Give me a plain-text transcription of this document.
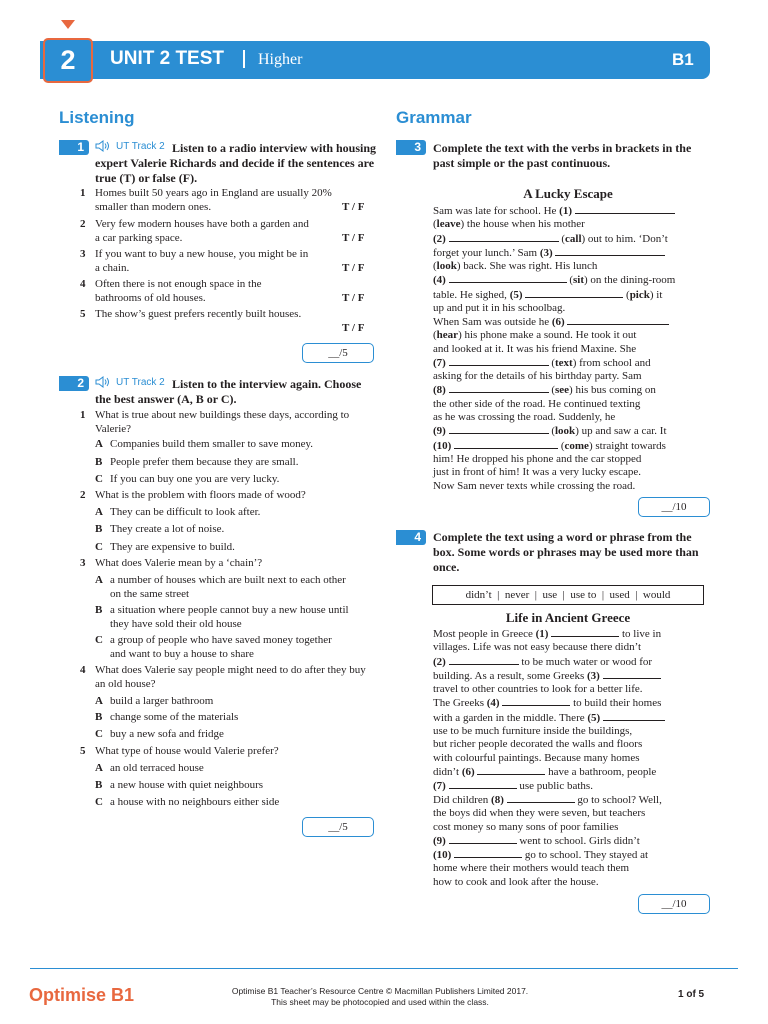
2	UNIT 2 TEST Higher	B1
Listening
1	UT Track 2 Listen to a radio interview with housing expert Valerie Richards and decide if the sentences are true (T) or false (F).
1 Homes built 50 years ago in England are usually 20% smaller than modern ones.	T / F
2 Very few modern houses have both a garden and a car parking space.	T / F
3 If you want to buy a new house, you might be in a chain.	T / F
4 Often there is not enough space in the bathrooms of old houses.	T / F
5 The show’s guest prefers recently built houses.
T / F
__/5
2	UT Track 2 Listen to the interview again. Choose the best answer (A, B or C).
1 What is true about new buildings these days, according to Valerie?
A Companies build them smaller to save money.
B People prefer them because they are small.
C If you can buy one you are very lucky.
2 What is the problem with floors made of wood?
A They can be difficult to look after.
B They create a lot of noise.
C They are expensive to build.
3 What does Valerie mean by a ‘chain’?
A a number of houses which are built next to each other on the same street
B a situation where people cannot buy a new house until they have sold their old house
C a group of people who have saved money together and want to buy a house to share
4 What does Valerie say people might need to do after they buy an old house?
A build a larger bathroom
B change some of the materials
C buy a new sofa and fridge
5 What type of house would Valerie prefer?
A an old terraced house
B a new house with quiet neighbours
C a house with no neighbours either side
__/5
Grammar
3	Complete the text with the verbs in brackets in the past simple or the past continuous.
A Lucky Escape
Sam was late for school. He (1)
(leave) the house when his mother
(2)	(call) out to him. ‘Don’t
forget your lunch.’ Sam (3)
(look) back. She was right. His lunch
(4)	(sit) on the dining-room
table. He sighed, (5)	(pick) it
up and put it in his schoolbag.
When Sam was outside he (6)
(hear) his phone make a sound. He took it out
and looked at it. It was his friend Maxine. She
(7)	(text) from school and
asking for the details of his birthday party. Sam
(8)	(see) his bus coming on
the other side of the road. He continued texting
as he was crossing the road. Suddenly, he
(9)	(look) up and saw a car. It
(10)	(come) straight towards
him! He dropped his phone and the car stopped
just in front of him! It was a very lucky escape.
Now Sam never texts while crossing the road.
__/10
4	Complete the text using a word or phrase from the box. Some words or phrases may be used more than once.
didn’t  |  never  |  use  |  use to  |  used  |  would
Life in Ancient Greece
Most people in Greece (1)	to live in
villages. Life was not easy because there didn’t
(2)	to be much water or wood for
building. As a result, some Greeks (3)
travel to other countries to look for a better life.
The Greeks (4)	to build their homes
with a garden in the middle. There (5)
use to be much furniture inside the buildings,
but richer people decorated the walls and floors
with colourful paintings. Because many homes
didn’t (6)	have a bathroom, people
(7)	use public baths.
Did children (8)	go to school? Well,
the boys did when they were seven, but teachers
cost money so many sons of poor families
(9)	went to school. Girls didn’t
(10)	go to school. They stayed at
home where their mothers would teach them
how to cook and look after the house.
__/10
Optimise B1	Optimise B1 Teacher’s Resource Centre © Macmillan Publishers Limited 2017.
This sheet may be photocopied and used within the class.
1 of 5
